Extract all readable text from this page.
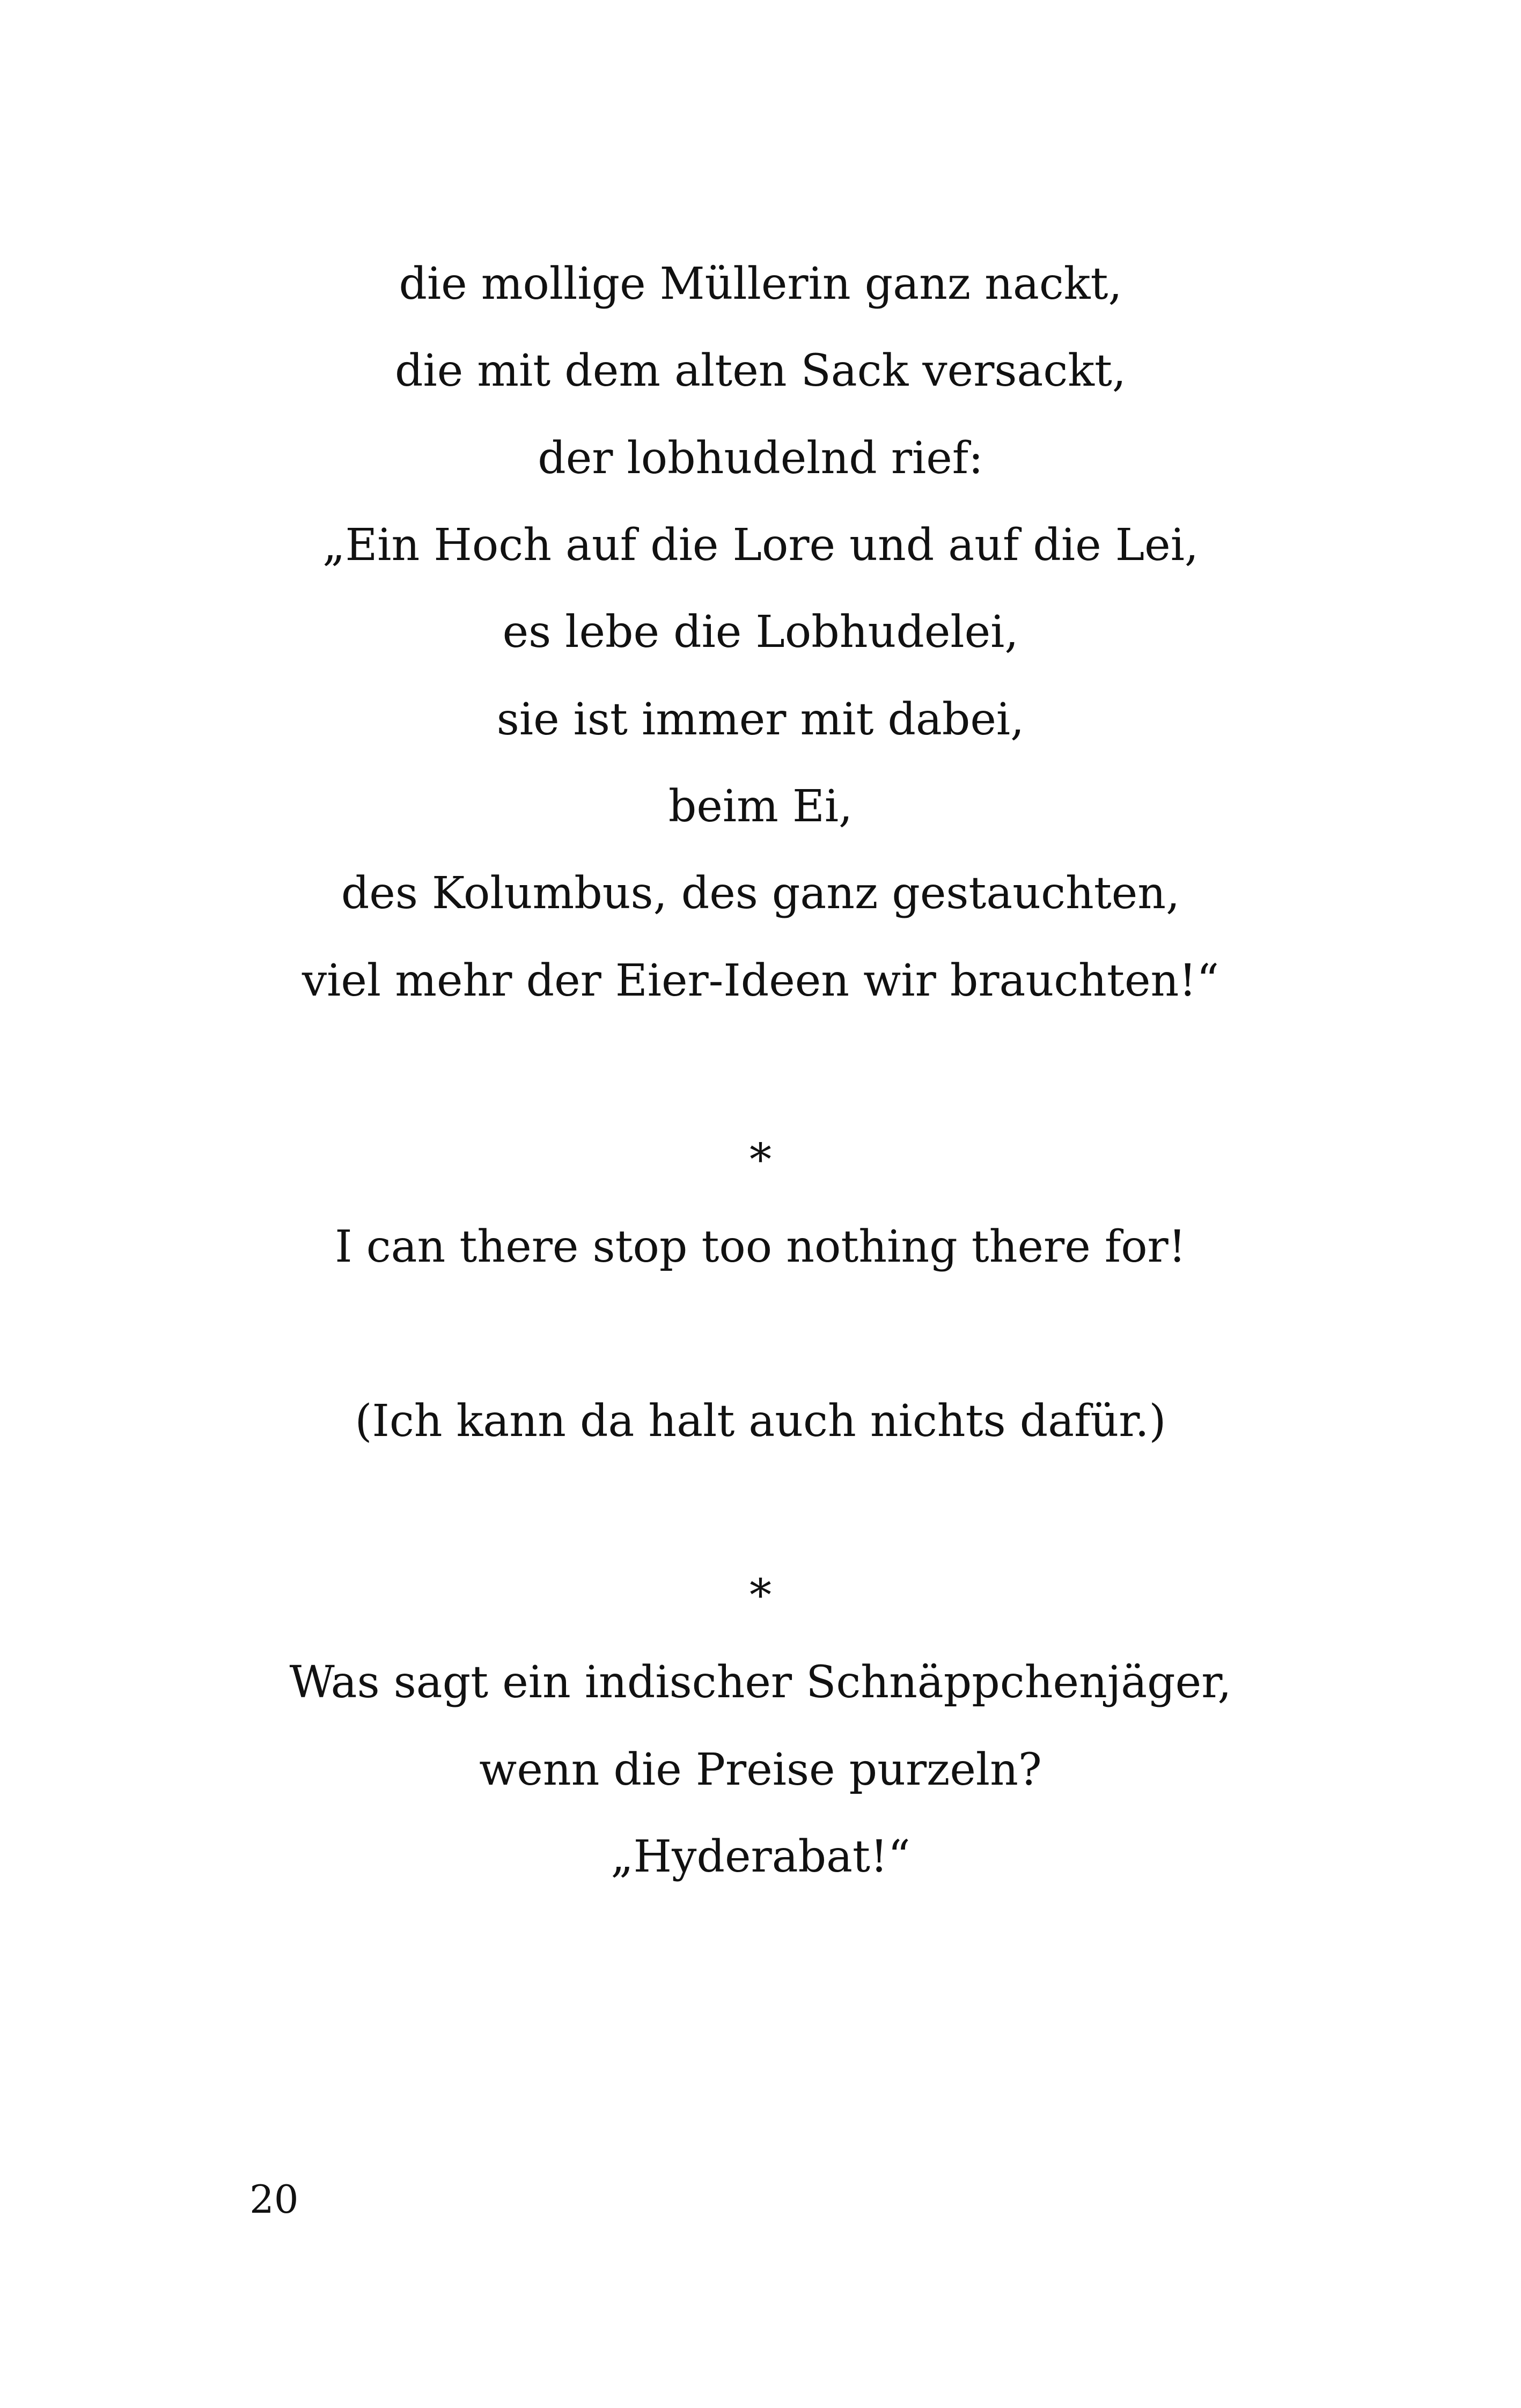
die mollige Müllerin ganz nackt,
die mit dem alten Sack versackt,
der lobhudelnd rief:
„Ein Hoch auf die Lore und auf die Lei,
es lebe die Lobhudelei,
sie ist immer mit dabei,
beim Ei,
des Kolumbus, des ganz gestauchten,
viel mehr der Eier-Ideen wir brauchten!“
*
I can there stop too nothing there for!
(Ich kann da halt auch nichts dafür.)
*
Was sagt ein indischer Schnäppchenjäger,
wenn die Preise purzeln?
„Hyderabat!“
20
